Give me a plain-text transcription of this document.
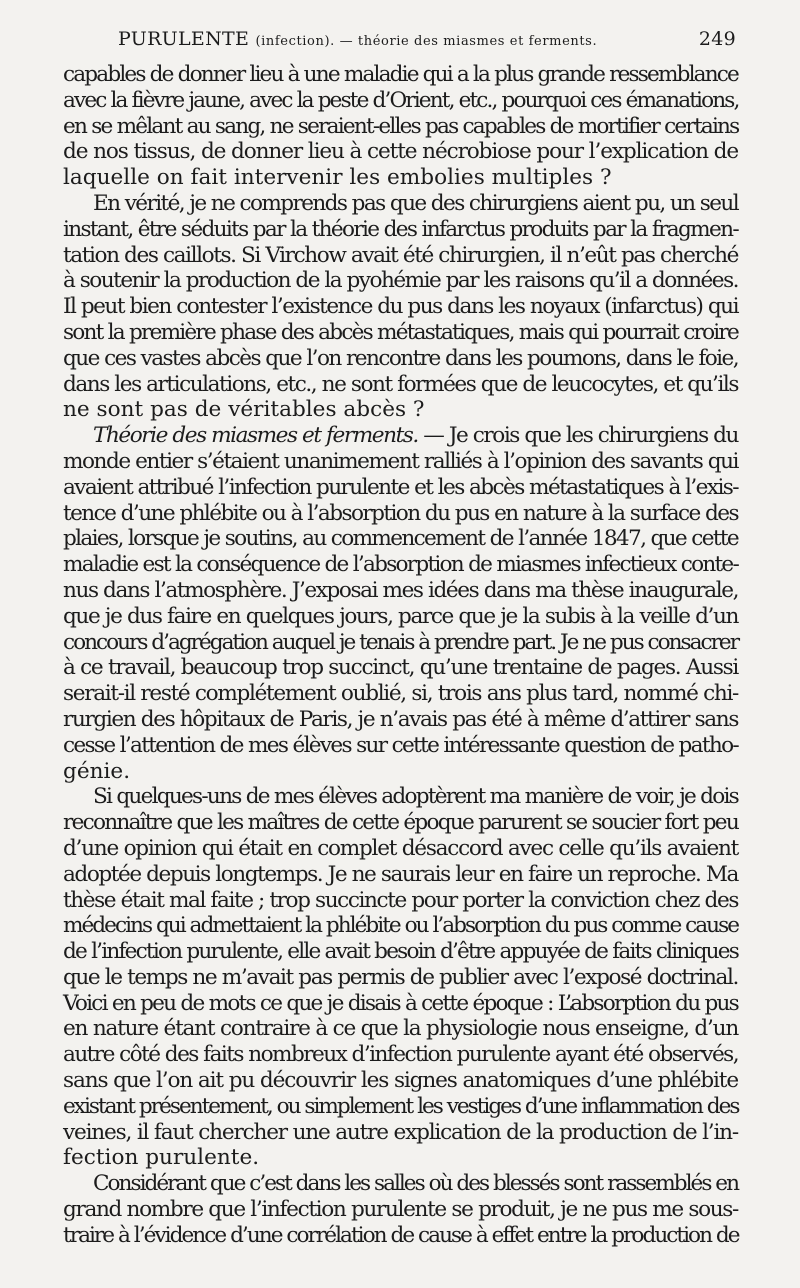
PURULENTE (infection). — théorie des miasmes et ferments.	249
capables de donner lieu à une maladie qui a la plus grande ressemblance
avec la fièvre jaune, avec la peste d’Orient, etc., pourquoi ces émanations,
en se mêlant au sang, ne seraient-elles pas capables de mortifier certains
de nos tissus, de donner lieu à cette nécrobiose pour l’explication de
laquelle on fait intervenir les embolies multiples ?
En vérité, je ne comprends pas que des chirurgiens aient pu, un seul
instant, être séduits par la théorie des infarctus produits par la fragmen-
tation des caillots. Si Virchow avait été chirurgien, il n’eût pas cherché
à soutenir la production de la pyohémie par les raisons qu’il a données.
Il peut bien contester l’existence du pus dans les noyaux (infarctus) qui
sont la première phase des abcès métastatiques, mais qui pourrait croire
que ces vastes abcès que l’on rencontre dans les poumons, dans le foie,
dans les articulations, etc., ne sont formées que de leucocytes, et qu’ils
ne sont pas de véritables abcès ?
Théorie des miasmes et ferments. — Je crois que les chirurgiens du
monde entier s’étaient unanimement ralliés à l’opinion des savants qui
avaient attribué l’infection purulente et les abcès métastatiques à l’exis-
tence d’une phlébite ou à l’absorption du pus en nature à la surface des
plaies, lorsque je soutins, au commencement de l’année 1847, que cette
maladie est la conséquence de l’absorption de miasmes infectieux conte-
nus dans l’atmosphère. J’exposai mes idées dans ma thèse inaugurale,
que je dus faire en quelques jours, parce que je la subis à la veille d’un
concours d’agrégation auquel je tenais à prendre part. Je ne pus consacrer
à ce travail, beaucoup trop succinct, qu’une trentaine de pages. Aussi
serait-il resté complétement oublié, si, trois ans plus tard, nommé chi-
rurgien des hôpitaux de Paris, je n’avais pas été à même d’attirer sans
cesse l’attention de mes élèves sur cette intéressante question de patho-
génie.
Si quelques-uns de mes élèves adoptèrent ma manière de voir, je dois
reconnaître que les maîtres de cette époque parurent se soucier fort peu
d’une opinion qui était en complet désaccord avec celle qu’ils avaient
adoptée depuis longtemps. Je ne saurais leur en faire un reproche. Ma
thèse était mal faite ; trop succincte pour porter la conviction chez des
médecins qui admettaient la phlébite ou l’absorption du pus comme cause
de l’infection purulente, elle avait besoin d’être appuyée de faits cliniques
que le temps ne m’avait pas permis de publier avec l’exposé doctrinal.
Voici en peu de mots ce que je disais à cette époque : L’absorption du pus
en nature étant contraire à ce que la physiologie nous enseigne, d’un
autre côté des faits nombreux d’infection purulente ayant été observés,
sans que l’on ait pu découvrir les signes anatomiques d’une phlébite
existant présentement, ou simplement les vestiges d’une inflammation des
veines, il faut chercher une autre explication de la production de l’in-
fection purulente.
Considérant que c’est dans les salles où des blessés sont rassemblés en
grand nombre que l’infection purulente se produit, je ne pus me sous-
traire à l’évidence d’une corrélation de cause à effet entre la production de
